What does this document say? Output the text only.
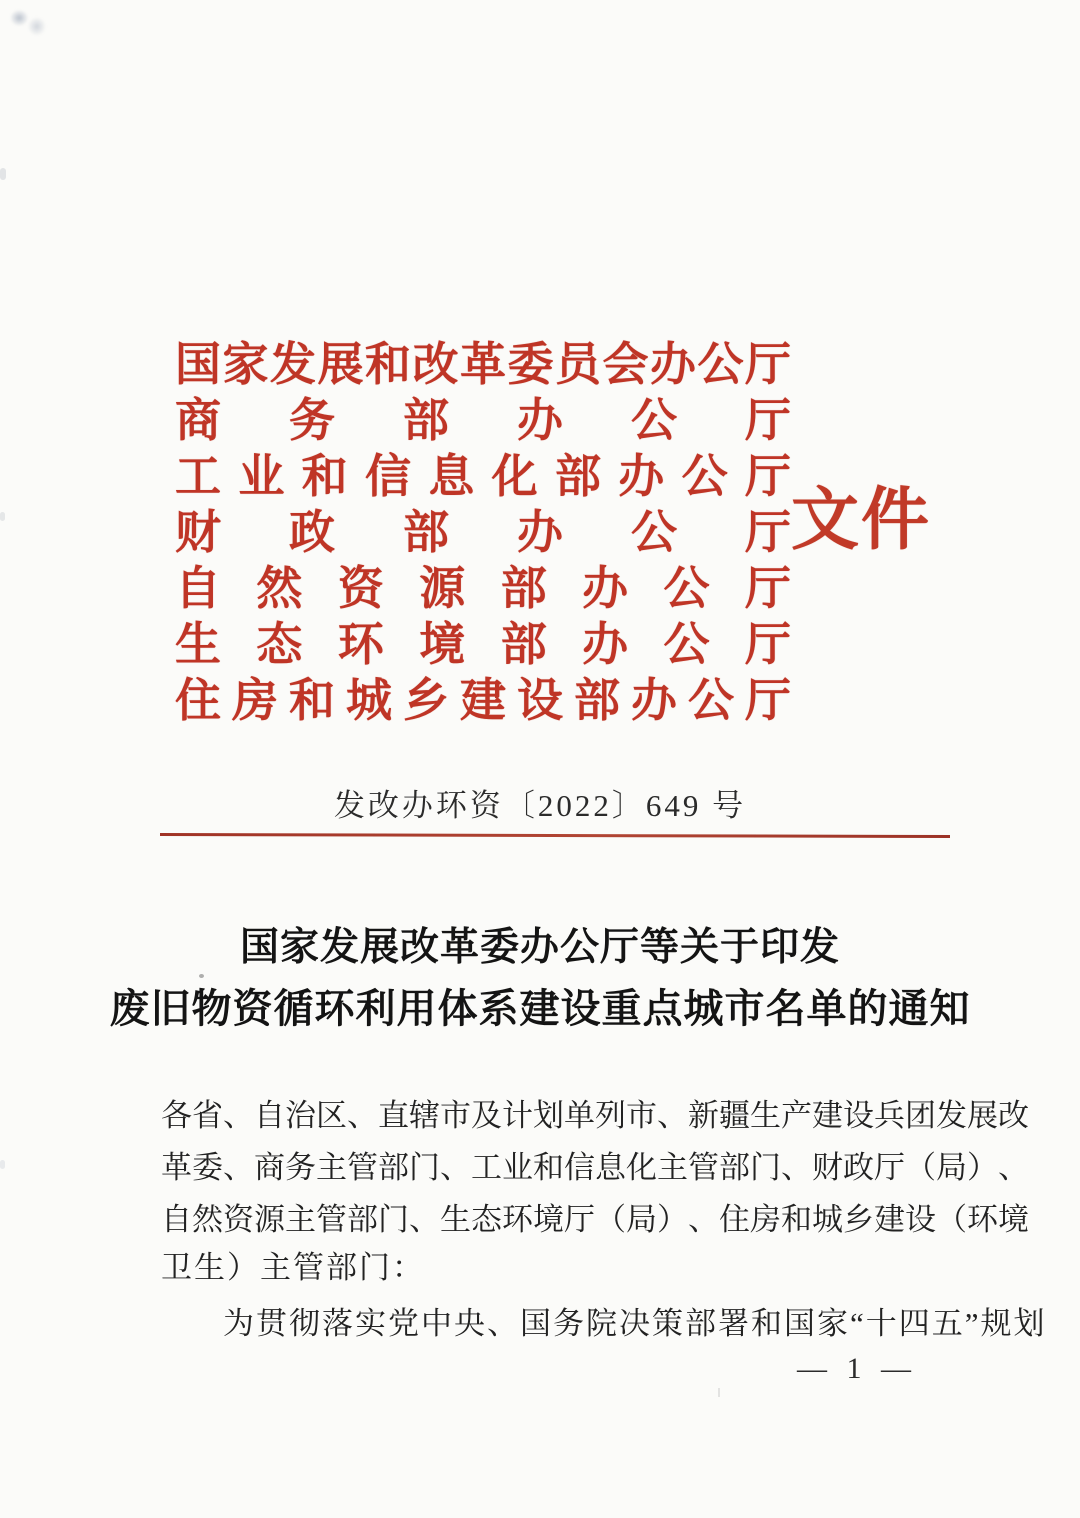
国 家 发 展 和 改 革 委 员 会 办 公 厅
商 务 部 办 公 厅
工 业 和 信 息 化 部 办 公 厅
财 政 部 办 公 厅
自 然 资 源 部 办 公 厅
生 态 环 境 部 办 公 厅
住 房 和 城 乡 建 设 部 办 公 厅
文件
发改办环资〔2022〕649 号
国家发展改革委办公厅等关于印发
废旧物资循环利用体系建设重点城市名单的通知
各 省 、 自 治 区 、 直 辖 市 及 计 划 单 列 市 、 新 疆 生 产 建 设 兵 团 发 展 改
革 委 、 商 务 主 管 部 门 、 工 业 和 信 息 化 主 管 部 门 、 财 政 厅 （ 局 ） 、
自 然 资 源 主 管 部 门 、 生 态 环 境 厅 （ 局 ） 、 住 房 和 城 乡 建 设 （ 环 境
卫生）主管部门：
为贯彻落实党中央、国务院决策部署和国家“十四五”规划
— 1 —
